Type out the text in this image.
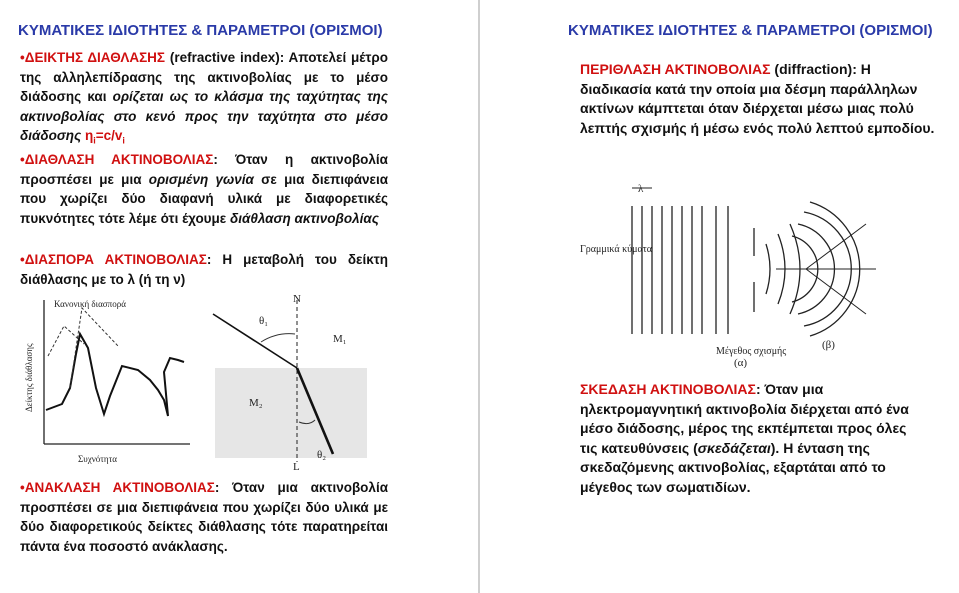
ΚΥΜΑΤΙΚΕΣ ΙΔΙΟΤΗΤΕΣ & ΠΑΡΑΜΕΤΡΟΙ (ΟΡΙΣΜΟΙ)
•ΔΕΙΚΤΗΣ ΔΙΑΘΛΑΣΗΣ (refractive index): Αποτελεί μέτρο της αλληλεπίδρασης της ακτινοβολίας με το μέσο διάδοσης και ορίζεται ως το κλάσμα της ταχύτητας της ακτινοβολίας στο κενό προς την ταχύτητα στο μέσο διάδοσης $\eta_i=c/v_i$
•ΔΙΑΘΛΑΣΗ ΑΚΤΙΝΟΒΟΛΙΑΣ: Όταν η ακτινοβολία προσπέσει με μια ορισμένη γωνία σε μια διεπιφάνεια που χωρίζει δύο διαφανή υλικά με διαφορετικές πυκνότητες τότε λέμε ότι έχουμε διάθλαση ακτινοβολίας
•ΔΙΑΣΠΟΡΑ ΑΚΤΙΝΟΒΟΛΙΑΣ: Η μεταβολή του δείκτη διάθλασης με το λ (ή τη ν)
Κανονική διασπορά
Δείκτης διάθλασης
Συχνότητα
N
θ₁
θ₂
M₁
M₂
L
•ΑΝΑΚΛΑΣΗ ΑΚΤΙΝΟΒΟΛΙΑΣ: Όταν μια ακτινοβολία προσπέσει σε μια διεπιφάνεια που χωρίζει δύο υλικά με δύο διαφορετικούς δείκτες διάθλασης τότε παρατηρείται πάντα ένα ποσοστό ανάκλασης.
ΚΥΜΑΤΙΚΕΣ ΙΔΙΟΤΗΤΕΣ & ΠΑΡΑΜΕΤΡΟΙ (ΟΡΙΣΜΟΙ)
ΠΕΡΙΘΛΑΣΗ ΑΚΤΙΝΟΒΟΛΙΑΣ (diffraction): Η διαδικασία κατά την οποία μια δέσμη παράλληλων ακτίνων κάμπτεται όταν διέρχεται μέσω μιας πολύ λεπτής σχισμής ή μέσω ενός πολύ λεπτού εμποδίου.
λ
Γραμμικά κύματα
Μέγεθος σχισμής
(α)
(β)
ΣΚΕΔΑΣΗ ΑΚΤΙΝΟΒΟΛΙΑΣ: Όταν μια ηλεκτρομαγνητική ακτινοβολία διέρχεται από ένα μέσο διάδοσης, μέρος της εκπέμπεται προς όλες τις κατευθύνσεις (σκεδάζεται). Η ένταση της σκεδαζόμενης ακτινοβολίας, εξαρτάται από το μέγεθος των σωματιδίων.
